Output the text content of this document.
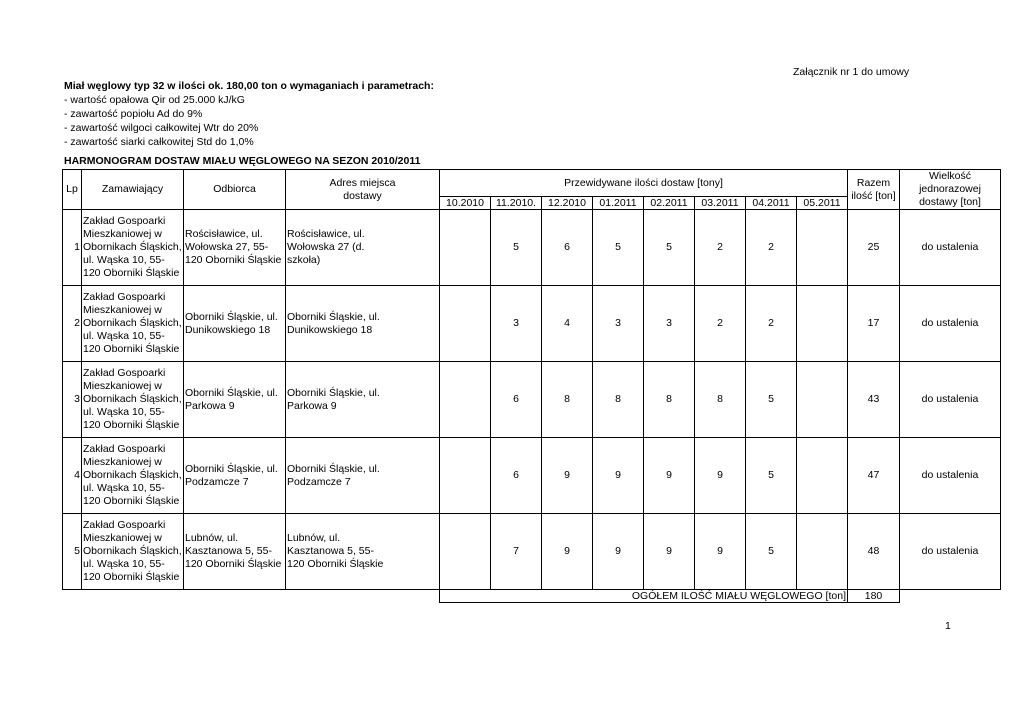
Załącznik nr 1 do umowy
Miał węglowy typ 32 w ilości ok. 180,00 ton o wymaganiach i parametrach:
- wartość opałowa Qir od 25.000 kJ/kG
- zawartość popiołu Ad do 9%
- zawartość wilgoci całkowitej Wtr do 20%
- zawartość siarki całkowitej Std do 1,0%
HARMONOGRAM DOSTAW MIAŁU WĘGLOWEGO NA SEZON 2010/2011
Lp	Zamawiający	Odbiorca	Adres miejsca dostawy	Przewidywane ilości dostaw [tony]								Razem ilość [ton]	Wielkość jednorazowej dostawy [ton]
				10.2010	11.2010.	12.2010	01.2011	02.2011	03.2011	04.2011	05.2011		
1	Zakład Gospoarki Mieszkaniowej w Obornikach Śląskich, ul. Wąska 10, 55-120 Oborniki Śląskie	Rościsławice, ul. Wołowska 27, 55-120 Oborniki Śląskie	Rościsławice, ul. Wołowska 27 (d. szkoła)		5	6	5	5	2	2		25	do ustalenia
2	Zakład Gospoarki Mieszkaniowej w Obornikach Śląskich, ul. Wąska 10, 55-120 Oborniki Śląskie	Oborniki Śląskie, ul. Dunikowskiego 18	Oborniki Śląskie, ul. Dunikowskiego 18		3	4	3	3	2	2		17	do ustalenia
3	Zakład Gospoarki Mieszkaniowej w Obornikach Śląskich, ul. Wąska 10, 55-120 Oborniki Śląskie	Oborniki Śląskie, ul. Parkowa 9	Oborniki Śląskie, ul. Parkowa 9		6	8	8	8	8	5		43	do ustalenia
4	Zakład Gospoarki Mieszkaniowej w Obornikach Śląskich, ul. Wąska 10, 55-120 Oborniki Śląskie	Oborniki Śląskie, ul. Podzamcze 7	Oborniki Śląskie, ul. Podzamcze 7		6	9	9	9	9	5		47	do ustalenia
5	Zakład Gospoarki Mieszkaniowej w Obornikach Śląskich, ul. Wąska 10, 55-120 Oborniki Śląskie	Lubnów, ul. Kasztanowa 5, 55-120 Oborniki Śląskie	Lubnów, ul. Kasztanowa 5, 55-120 Oborniki Śląskie		7	9	9	9	9	5		48	do ustalenia
				OGÓŁEM ILOŚĆ MIAŁU WĘGLOWEGO [ton]								180	
1
